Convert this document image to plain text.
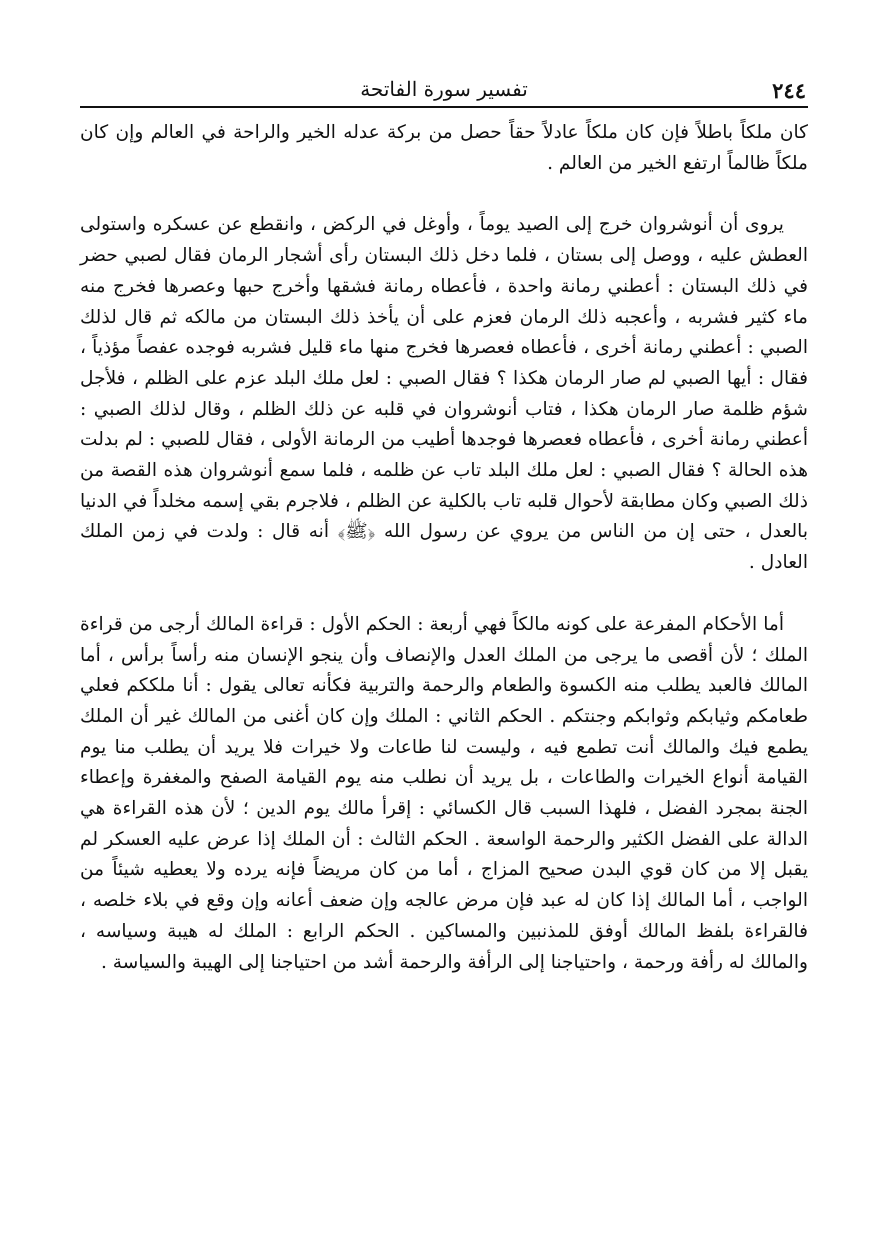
٢٤٤
تفسير سورة الفاتحة

كان ملكاً باطلاً فإن كان ملكاً عادلاً حقاً حصل من بركة عدله الخير والراحة في العالم وإن كان ملكاً ظالماً ارتفع الخير من العالم .

يروى أن أنوشروان خرج إلى الصيد يوماً ، وأوغل في الركض ، وانقطع عن عسكره واستولى العطش عليه ، ووصل إلى بستان ، فلما دخل ذلك البستان رأى أشجار الرمان فقال لصبي حضر في ذلك البستان : أعطني رمانة واحدة ، فأعطاه رمانة فشقها وأخرج حبها وعصرها فخرج منه ماء كثير فشربه ، وأعجبه ذلك الرمان فعزم على أن يأخذ ذلك البستان من مالكه ثم قال لذلك الصبي : أعطني رمانة أخرى ، فأعطاه فعصرها فخرج منها ماء قليل فشربه فوجده عفصاً مؤذياً ، فقال : أيها الصبي لم صار الرمان هكذا ؟ فقال الصبي : لعل ملك البلد عزم على الظلم ، فلأجل شؤم ظلمة صار الرمان هكذا ، فتاب أنوشروان في قلبه عن ذلك الظلم ، وقال لذلك الصبي : أعطني رمانة أخرى ، فأعطاه فعصرها فوجدها أطيب من الرمانة الأولى ، فقال للصبي : لم بدلت هذه الحالة ؟ فقال الصبي : لعل ملك البلد تاب عن ظلمه ، فلما سمع أنوشروان هذه القصة من ذلك الصبي وكان مطابقة لأحوال قلبه تاب بالكلية عن الظلم ، فلاجرم بقي إسمه مخلداً في الدنيا بالعدل ، حتى إن من الناس من يروي عن رسول الله ﴿ﷺ﴾ أنه قال : ولدت في زمن الملك العادل .

أما الأحكام المفرعة على كونه مالكاً فهي أربعة : الحكم الأول : قراءة المالك أرجى من قراءة الملك ؛ لأن أقصى ما يرجى من الملك العدل والإنصاف وأن ينجو الإنسان منه رأساً برأس ، أما المالك فالعبد يطلب منه الكسوة والطعام والرحمة والتربية فكأنه تعالى يقول : أنا ملككم فعلي طعامكم وثيابكم وثوابكم وجنتكم . الحكم الثاني : الملك وإن كان أغنى من المالك غير أن الملك يطمع فيك والمالك أنت تطمع فيه ، وليست لنا طاعات ولا خيرات فلا يريد أن يطلب منا يوم القيامة أنواع الخيرات والطاعات ، بل يريد أن نطلب منه يوم القيامة الصفح والمغفرة وإعطاء الجنة بمجرد الفضل ، فلهذا السبب قال الكسائي : إقرأ مالك يوم الدين ؛ لأن هذه القراءة هي الدالة على الفضل الكثير والرحمة الواسعة . الحكم الثالث : أن الملك إذا عرض عليه العسكر لم يقبل إلا من كان قوي البدن صحيح المزاج ، أما من كان مريضاً فإنه يرده ولا يعطيه شيئاً من الواجب ، أما المالك إذا كان له عبد فإن مرض عالجه وإن ضعف أعانه وإن وقع في بلاء خلصه ، فالقراءة بلفظ المالك أوفق للمذنبين والمساكين . الحكم الرابع : الملك له هيبة وسياسه ، والمالك له رأفة ورحمة ، واحتياجنا إلى الرأفة والرحمة أشد من احتياجنا إلى الهيبة والسياسة .
